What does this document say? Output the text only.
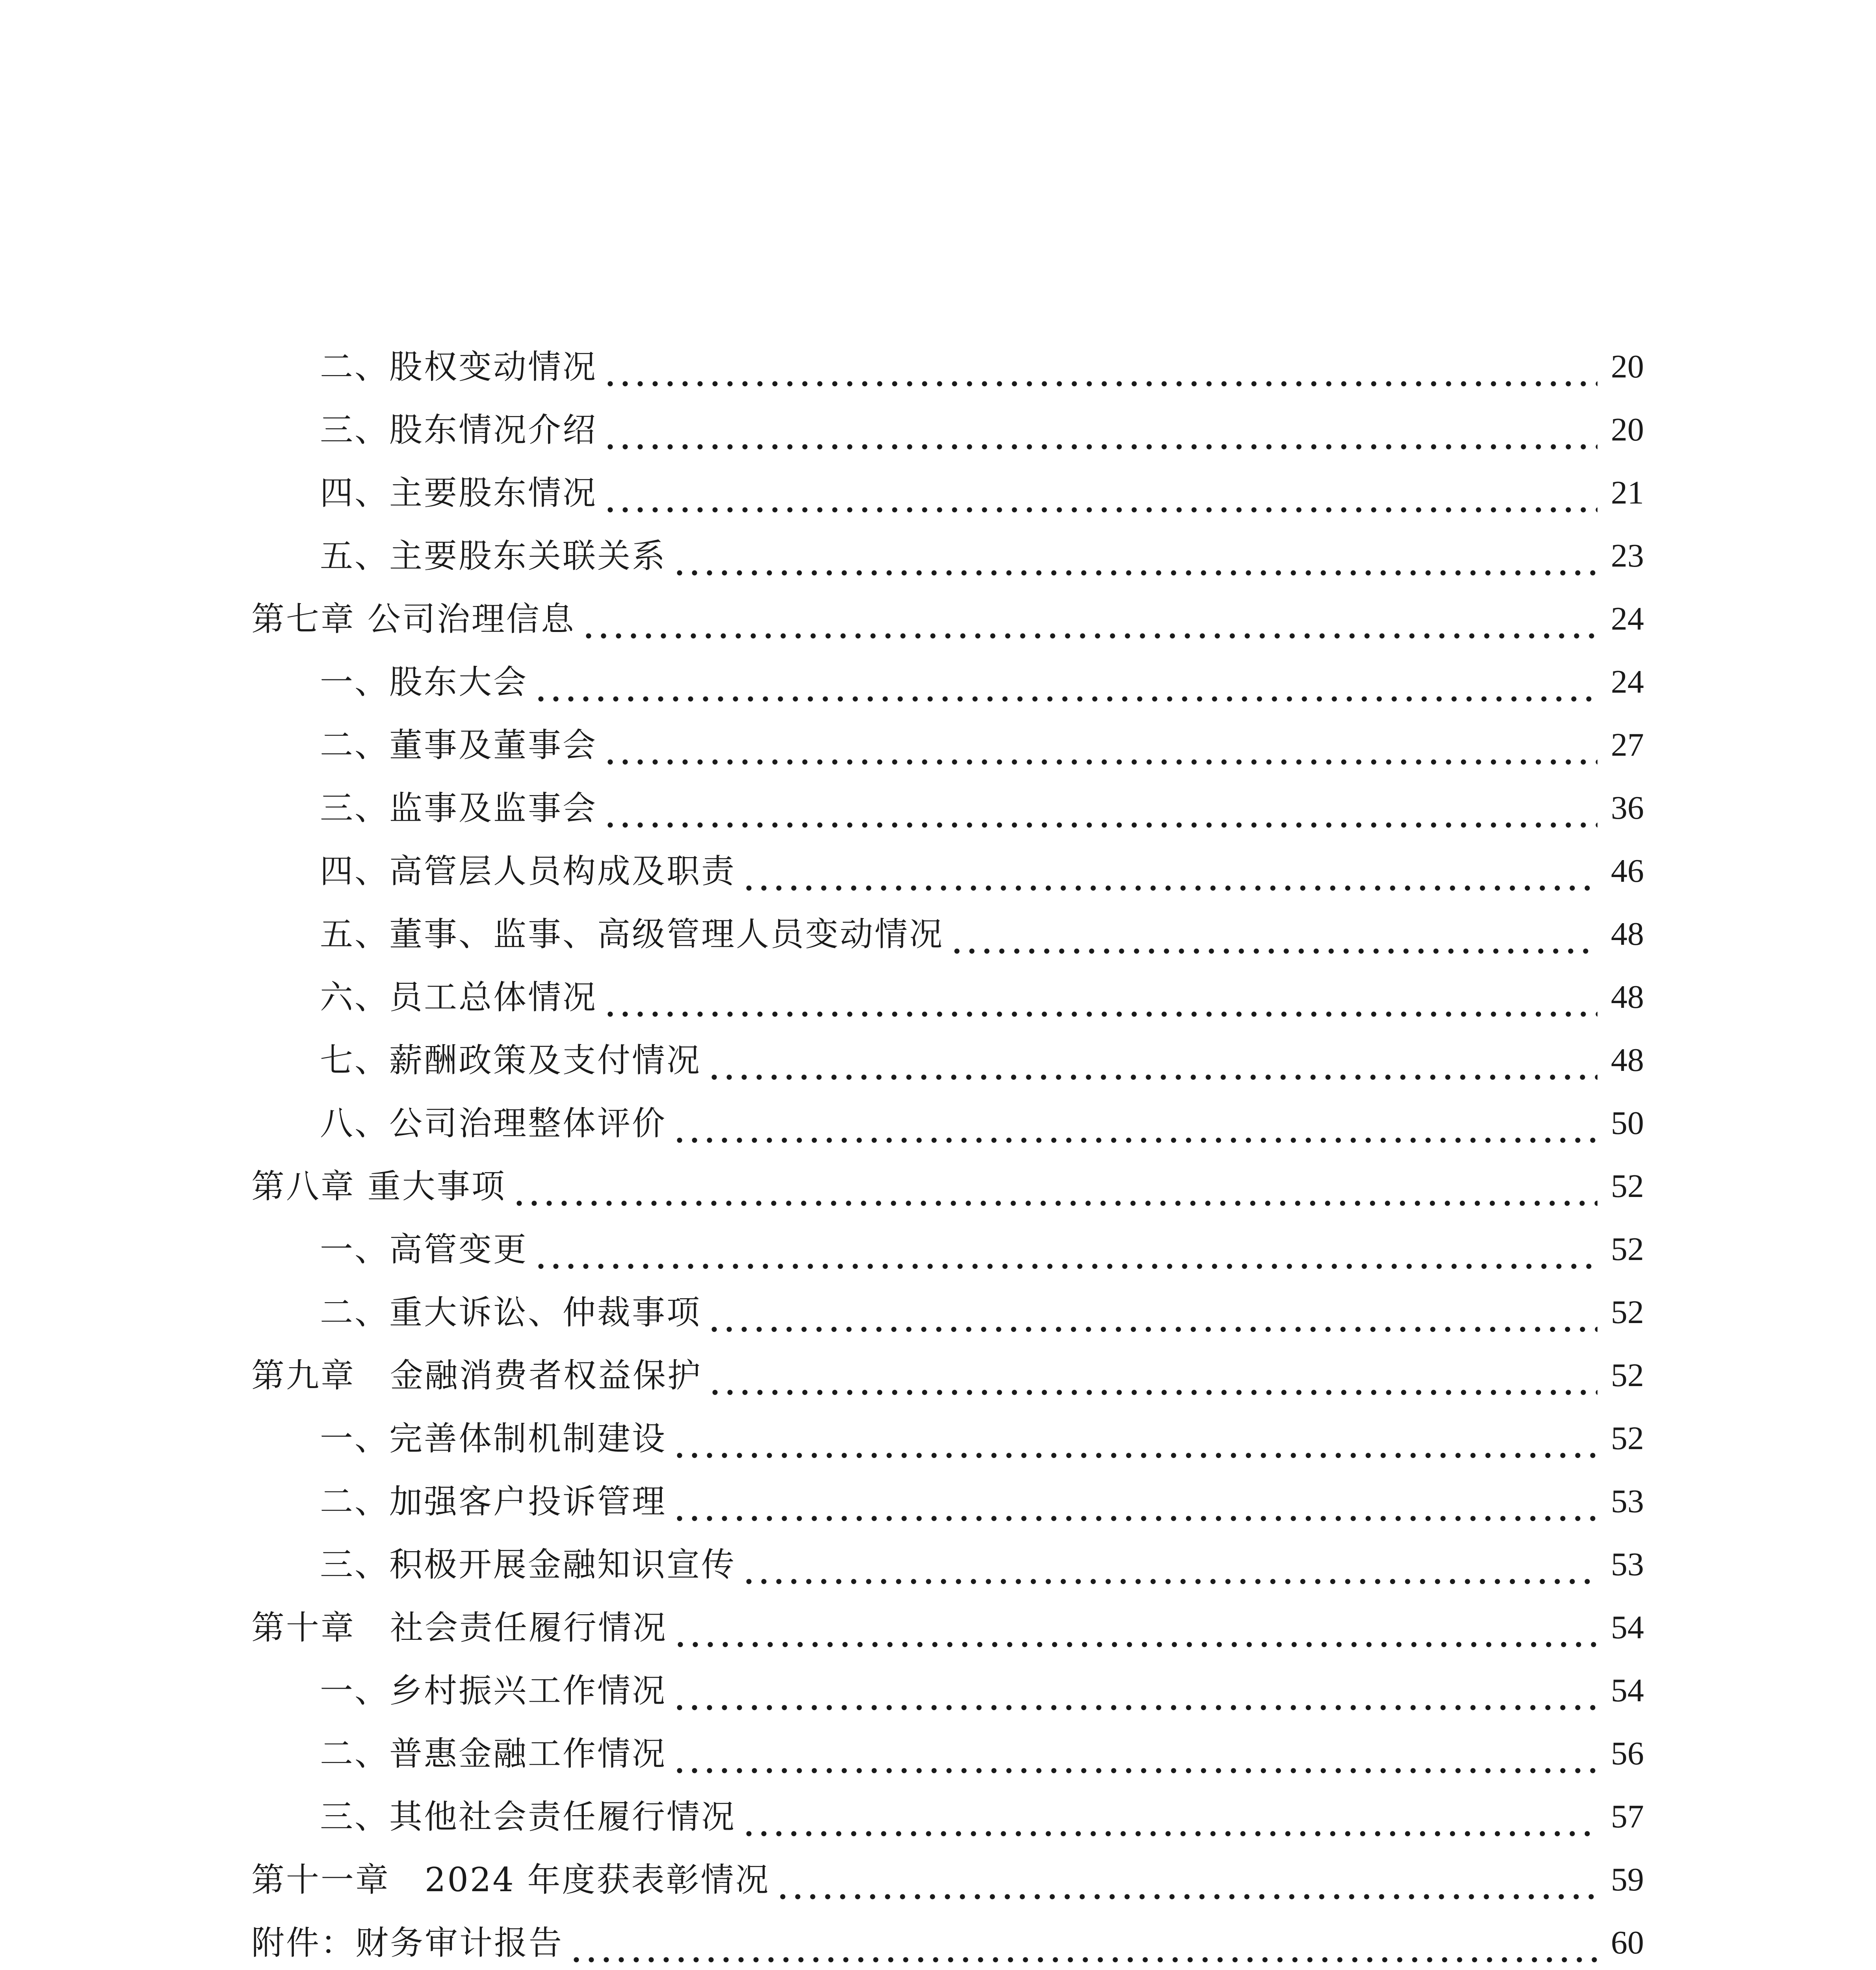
二、股权变动情况	20
三、股东情况介绍	20
四、主要股东情况	21
五、主要股东关联关系	23
第七章 公司治理信息	24
一、股东大会	24
二、董事及董事会	27
三、监事及监事会	36
四、高管层人员构成及职责	46
五、董事、监事、高级管理人员变动情况	48
六、员工总体情况	48
七、薪酬政策及支付情况	48
八、公司治理整体评价	50
第八章 重大事项	52
一、高管变更	52
二、重大诉讼、仲裁事项	52
第九章　金融消费者权益保护	52
一、完善体制机制建设	52
二、加强客户投诉管理	53
三、积极开展金融知识宣传	53
第十章　社会责任履行情况	54
一、乡村振兴工作情况	54
二、普惠金融工作情况	56
三、其他社会责任履行情况	57
第十一章　2024 年度获表彰情况	59
附件：财务审计报告	60
